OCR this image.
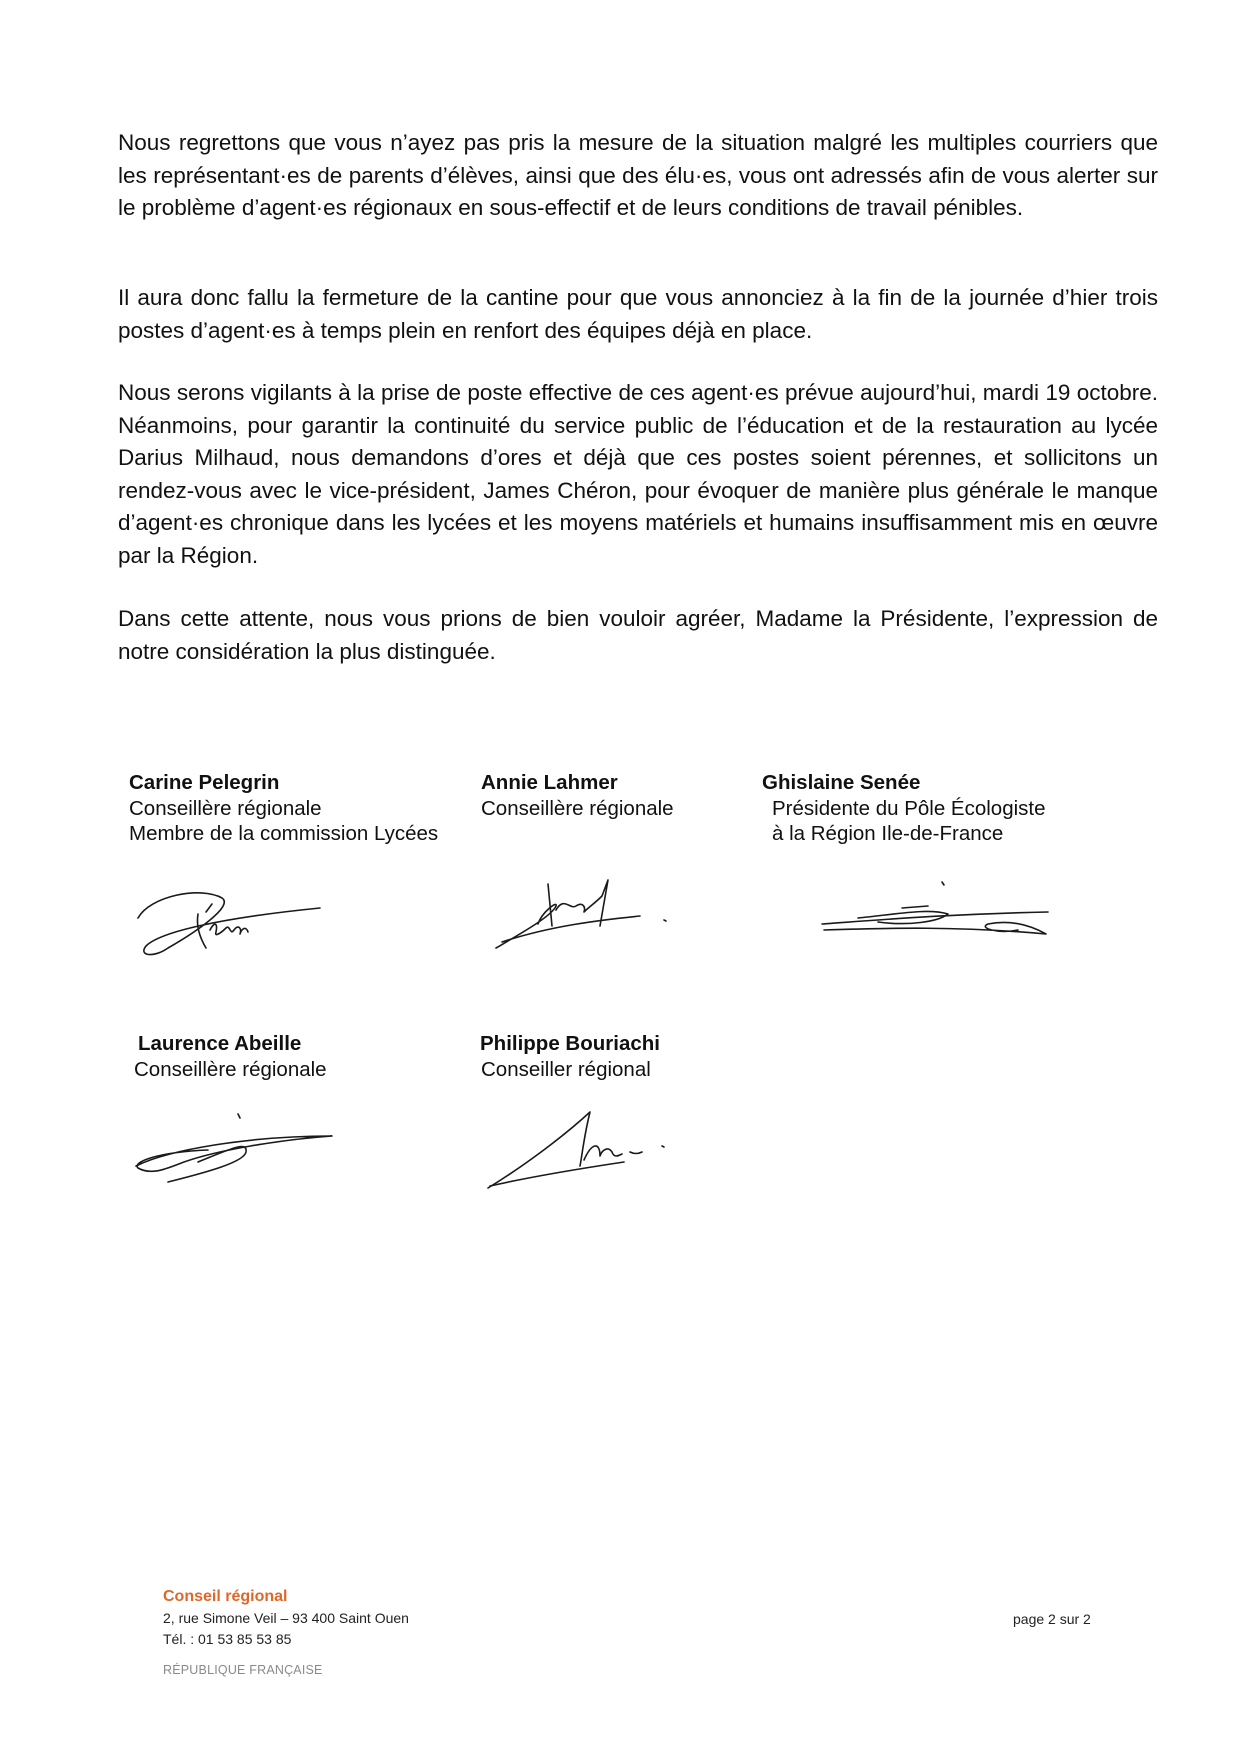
Nous regrettons que vous n’ayez pas pris la mesure de la situation malgré les multiples courriers que les représentant·es de parents d’élèves, ainsi que des élu·es, vous ont adressés afin de vous alerter sur le problème d’agent·es régionaux en sous-effectif et de leurs conditions de travail pénibles.

Il aura donc fallu la fermeture de la cantine pour que vous annonciez à la fin de la journée d’hier trois postes d’agent·es à temps plein en renfort des équipes déjà en place.

Nous serons vigilants à la prise de poste effective de ces agent·es prévue aujourd’hui, mardi 19 octobre. Néanmoins, pour garantir la continuité du service public de l’éducation et de la restauration au lycée Darius Milhaud, nous demandons d’ores et déjà que ces postes soient pérennes, et sollicitons un rendez-vous avec le vice-président, James Chéron, pour évoquer de manière plus générale le manque d’agent·es chronique dans les lycées et les moyens matériels et humains insuffisamment mis en œuvre par la Région.

Dans cette attente, nous vous prions de bien vouloir agréer, Madame la Présidente, l’expression de notre considération la plus distinguée.

Carine Pelegrin
Conseillère régionale
Membre de la commission Lycées
Annie Lahmer
Conseillère régionale
Ghislaine Senée
Présidente du Pôle Écologiste
à la Région Ile-de-France
Laurence Abeille
Conseillère régionale
Philippe Bouriachi
Conseiller régional
Conseil régional
2, rue Simone Veil – 93 400 Saint Ouen
Tél. : 01 53 85 53 85
RÉPUBLIQUE FRANÇAISE
page 2 sur 2
